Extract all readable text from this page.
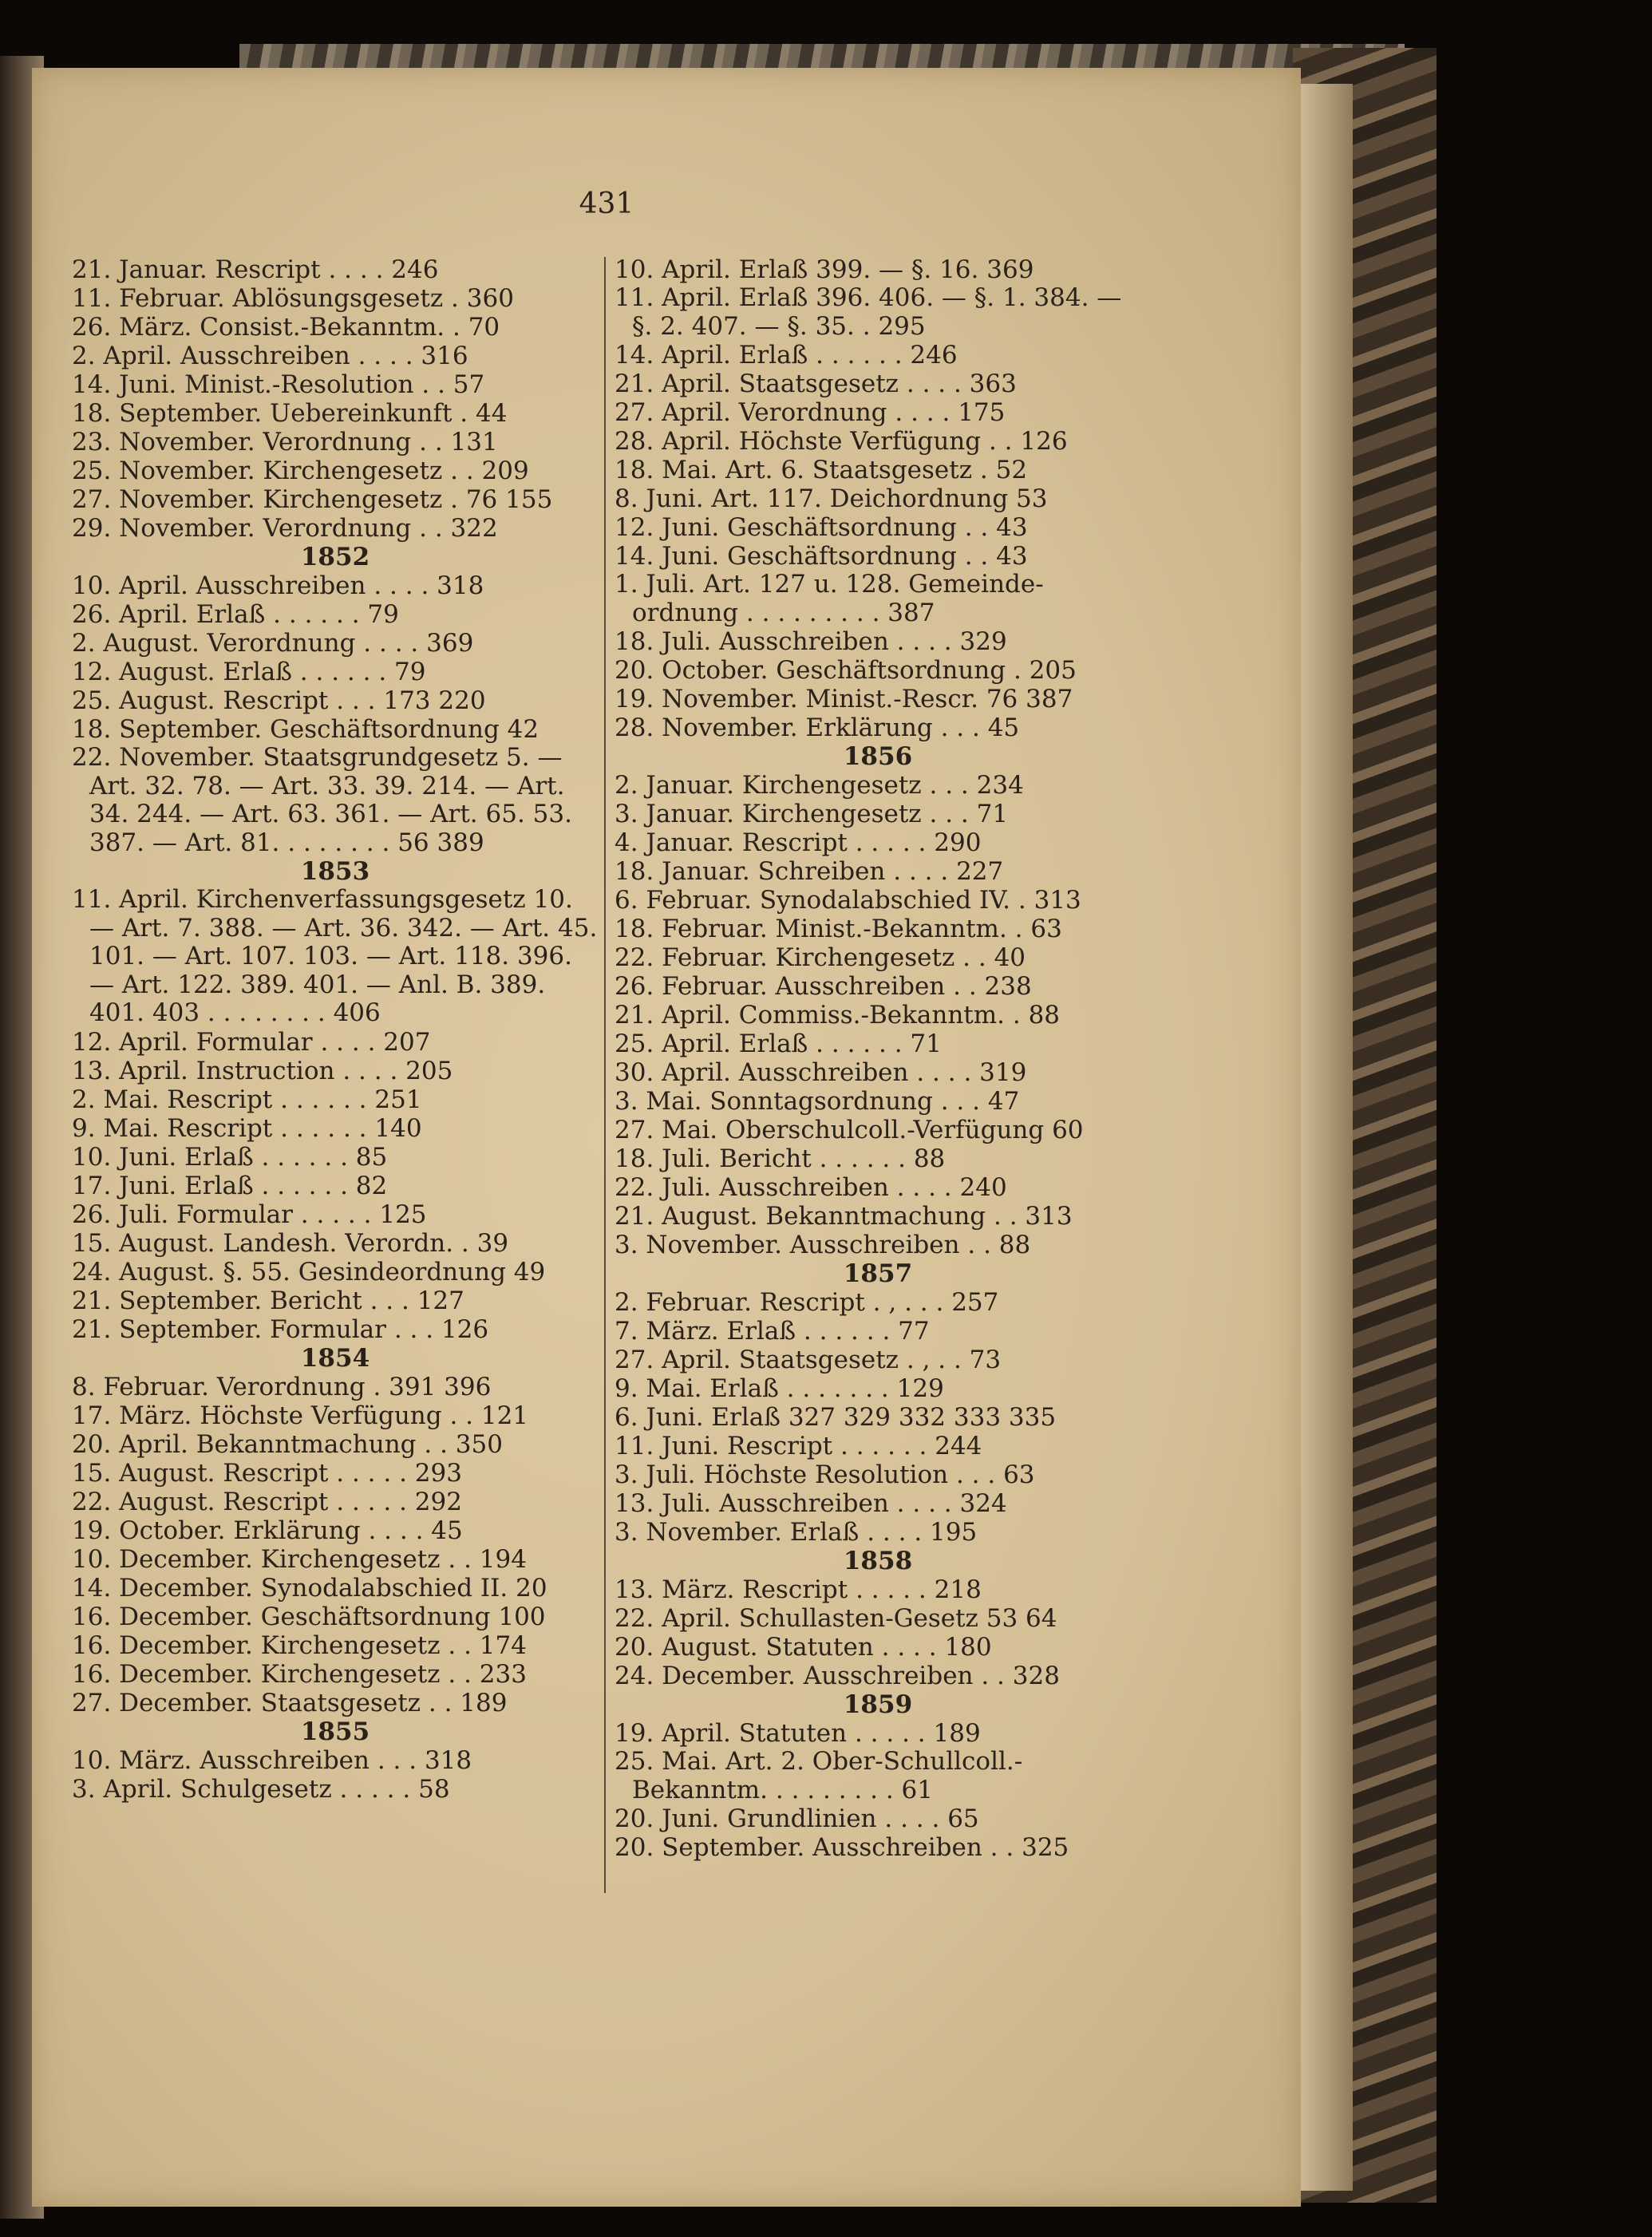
431
21. Januar. Rescript . . . . 246
11. Februar. Ablösungsgesetz . 360
26. März. Consist.-Bekanntm. . 70
2. April. Ausschreiben . . . . 316
14. Juni. Minist.-Resolution . . 57
18. September. Uebereinkunft . 44
23. November. Verordnung . . 131
25. November. Kirchengesetz . . 209
27. November. Kirchengesetz . 76 155
29. November. Verordnung . . 322
1852
10. April. Ausschreiben . . . . 318
26. April. Erlaß . . . . . . 79
2. August. Verordnung . . . . 369
12. August. Erlaß . . . . . . 79
25. August. Rescript . . . 173 220
18. September. Geschäftsordnung 42
22. November. Staatsgrundgesetz 5. — Art. 32. 78. — Art. 33. 39. 214. — Art. 34. 244. — Art. 63. 361. — Art. 65. 53. 387. — Art. 81. . . . . . . . 56 389
1853
11. April. Kirchenverfassungsgesetz 10. — Art. 7. 388. — Art. 36. 342. — Art. 45. 101. — Art. 107. 103. — Art. 118. 396. — Art. 122. 389. 401. — Anl. B. 389. 401. 403 . . . . . . . . 406
12. April. Formular . . . . 207
13. April. Instruction . . . . 205
2. Mai. Rescript . . . . . . 251
9. Mai. Rescript . . . . . . 140
10. Juni. Erlaß . . . . . . 85
17. Juni. Erlaß . . . . . . 82
26. Juli. Formular . . . . . 125
15. August. Landesh. Verordn. . 39
24. August. §. 55. Gesindeordnung 49
21. September. Bericht . . . 127
21. September. Formular . . . 126
1854
8. Februar. Verordnung . 391 396
17. März. Höchste Verfügung . . 121
20. April. Bekanntmachung . . 350
15. August. Rescript . . . . . 293
22. August. Rescript . . . . . 292
19. October. Erklärung . . . . 45
10. December. Kirchengesetz . . 194
14. December. Synodalabschied II. 20
16. December. Geschäftsordnung 100
16. December. Kirchengesetz . . 174
16. December. Kirchengesetz . . 233
27. December. Staatsgesetz . . 189
1855
10. März. Ausschreiben . . . 318
3. April. Schulgesetz . . . . . 58
10. April. Erlaß 399. — §. 16. 369
11. April. Erlaß 396. 406. — §. 1. 384. — §. 2. 407. — §. 35. . 295
14. April. Erlaß . . . . . . 246
21. April. Staatsgesetz . . . . 363
27. April. Verordnung . . . . 175
28. April. Höchste Verfügung . . 126
18. Mai. Art. 6. Staatsgesetz . 52
8. Juni. Art. 117. Deichordnung 53
12. Juni. Geschäftsordnung . . 43
14. Juni. Geschäftsordnung . . 43
1. Juli. Art. 127 u. 128. Gemeinde-ordnung . . . . . . . . . 387
18. Juli. Ausschreiben . . . . 329
20. October. Geschäftsordnung . 205
19. November. Minist.-Rescr. 76 387
28. November. Erklärung . . . 45
1856
2. Januar. Kirchengesetz . . . 234
3. Januar. Kirchengesetz . . . 71
4. Januar. Rescript . . . . . 290
18. Januar. Schreiben . . . . 227
6. Februar. Synodalabschied IV. . 313
18. Februar. Minist.-Bekanntm. . 63
22. Februar. Kirchengesetz . . 40
26. Februar. Ausschreiben . . 238
21. April. Commiss.-Bekanntm. . 88
25. April. Erlaß . . . . . . 71
30. April. Ausschreiben . . . . 319
3. Mai. Sonntagsordnung . . . 47
27. Mai. Oberschulcoll.-Verfügung 60
18. Juli. Bericht . . . . . . 88
22. Juli. Ausschreiben . . . . 240
21. August. Bekanntmachung . . 313
3. November. Ausschreiben . . 88
1857
2. Februar. Rescript . , . . . 257
7. März. Erlaß . . . . . . 77
27. April. Staatsgesetz . , . . 73
9. Mai. Erlaß . . . . . . . 129
6. Juni. Erlaß 327 329 332 333 335
11. Juni. Rescript . . . . . . 244
3. Juli. Höchste Resolution . . . 63
13. Juli. Ausschreiben . . . . 324
3. November. Erlaß . . . . 195
1858
13. März. Rescript . . . . . 218
22. April. Schullasten-Gesetz 53 64
20. August. Statuten . . . . 180
24. December. Ausschreiben . . 328
1859
19. April. Statuten . . . . . 189
25. Mai. Art. 2. Ober-Schullcoll.-Bekanntm. . . . . . . . . 61
20. Juni. Grundlinien . . . . 65
20. September. Ausschreiben . . 325
